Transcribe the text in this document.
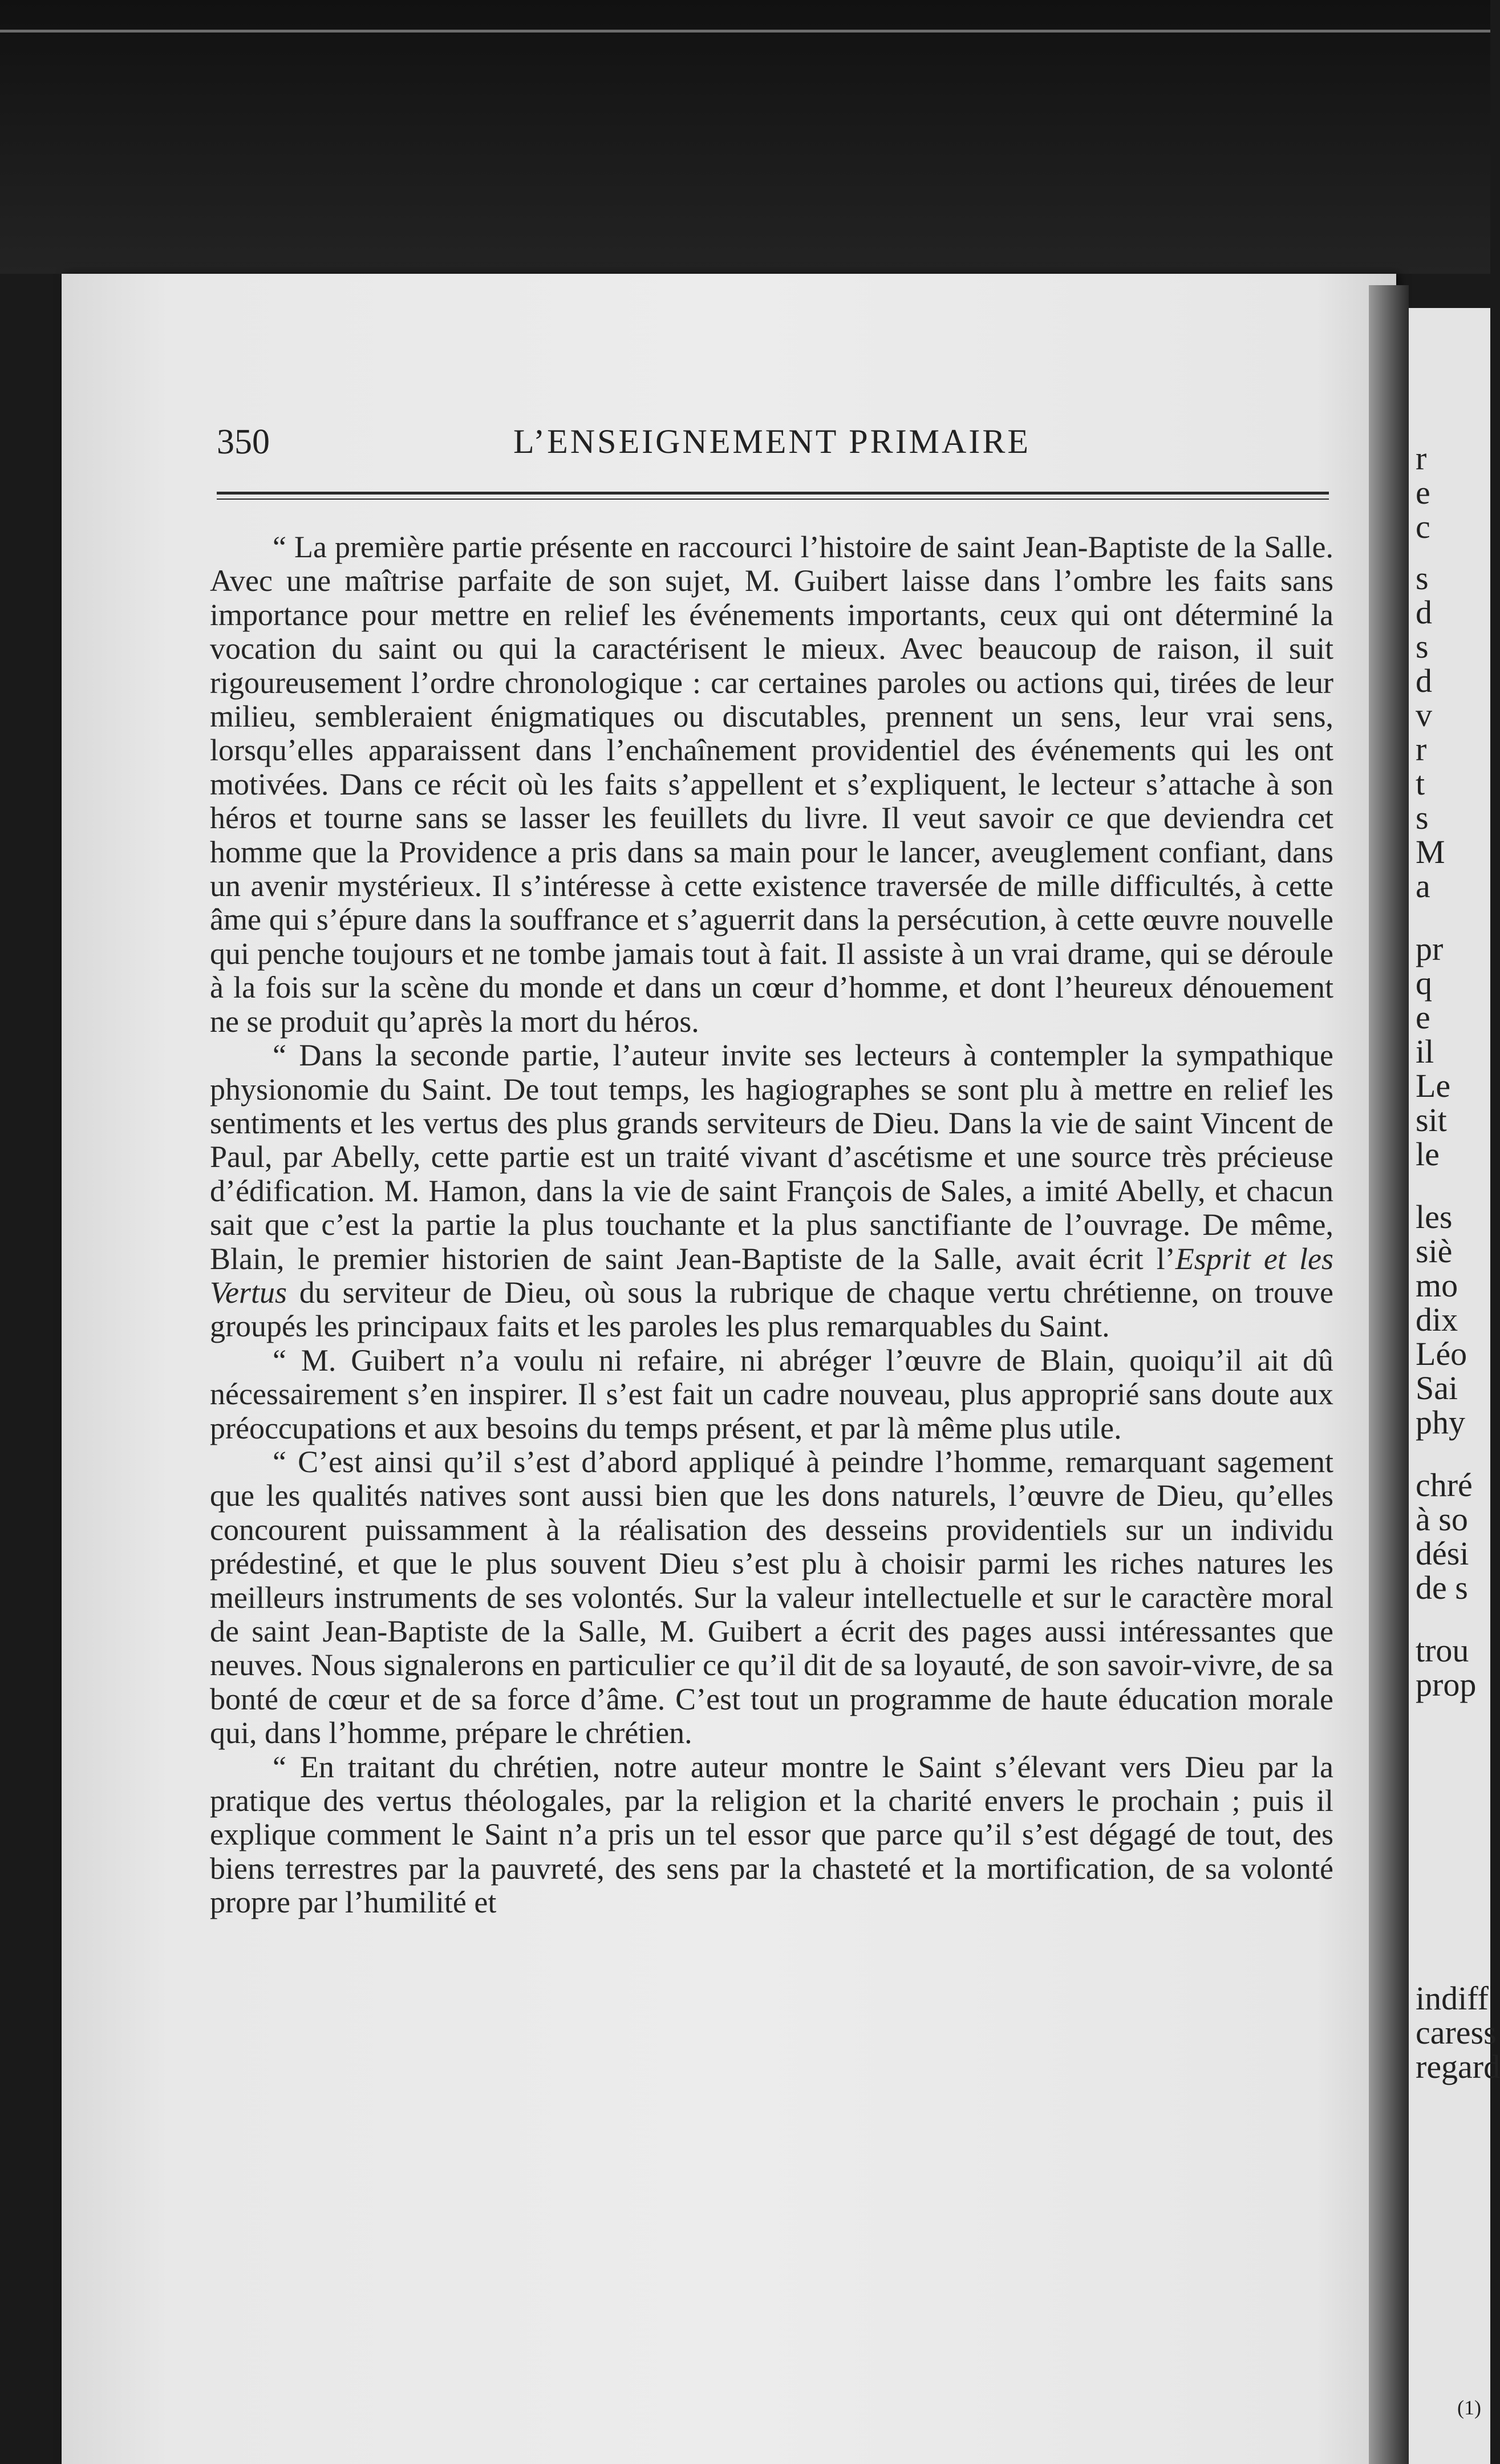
r
e
c
s
d
s
d
v
r
t
s
M
a
pr
q
e
il
Le
sit
le
les
siè
mo
dix
Léo
Sai
phy
chré
à so
dési
de s
trou
prop
indiff
caress
regard
350	L’ENSEIGNEMENT PRIMAIRE

“ La première partie présente en raccourci l’histoire de saint Jean-Baptiste de la Salle. Avec une maîtrise parfaite de son sujet, M. Guibert laisse dans l’ombre les faits sans importance pour mettre en relief les événements importants, ceux qui ont déterminé la vocation du saint ou qui la caractérisent le mieux. Avec beaucoup de raison, il suit rigoureusement l’ordre chronologique : car certaines paroles ou actions qui, tirées de leur milieu, sembleraient énigmatiques ou discutables, prennent un sens, leur vrai sens, lorsqu’elles apparaissent dans l’enchaînement providentiel des événements qui les ont motivées. Dans ce récit où les faits s’appellent et s’expliquent, le lecteur s’attache à son héros et tourne sans se lasser les feuillets du livre. Il veut savoir ce que deviendra cet homme que la Providence a pris dans sa main pour le lancer, aveuglement confiant, dans un avenir mystérieux. Il s’intéresse à cette existence traversée de mille difficultés, à cette âme qui s’épure dans la souffrance et s’aguerrit dans la persécution, à cette œuvre nouvelle qui penche toujours et ne tombe jamais tout à fait. Il assiste à un vrai drame, qui se déroule à la fois sur la scène du monde et dans un cœur d’homme, et dont l’heureux dénouement ne se produit qu’après la mort du héros.

“ Dans la seconde partie, l’auteur invite ses lecteurs à contempler la sympathique physionomie du Saint. De tout temps, les hagiographes se sont plu à mettre en relief les sentiments et les vertus des plus grands serviteurs de Dieu. Dans la vie de saint Vincent de Paul, par Abelly, cette partie est un traité vivant d’ascétisme et une source très précieuse d’édification. M. Hamon, dans la vie de saint François de Sales, a imité Abelly, et chacun sait que c’est la partie la plus touchante et la plus sanctifiante de l’ouvrage. De même, Blain, le premier historien de saint Jean-Baptiste de la Salle, avait écrit l’Esprit et les Vertus du serviteur de Dieu, où sous la rubrique de chaque vertu chrétienne, on trouve groupés les principaux faits et les paroles les plus remarquables du Saint.

“ M. Guibert n’a voulu ni refaire, ni abréger l’œuvre de Blain, quoiqu’il ait dû nécessairement s’en inspirer. Il s’est fait un cadre nouveau, plus approprié sans doute aux préoccupations et aux besoins du temps présent, et par là même plus utile.

“ C’est ainsi qu’il s’est d’abord appliqué à peindre l’homme, remarquant sagement que les qualités natives sont aussi bien que les dons naturels, l’œuvre de Dieu, qu’elles concourent puissamment à la réalisation des desseins providentiels sur un individu prédestiné, et que le plus souvent Dieu s’est plu à choisir parmi les riches natures les meilleurs instruments de ses volontés. Sur la valeur intellectuelle et sur le caractère moral de saint Jean-Baptiste de la Salle, M. Guibert a écrit des pages aussi intéressantes que neuves. Nous signalerons en particulier ce qu’il dit de sa loyauté, de son savoir-vivre, de sa bonté de cœur et de sa force d’âme. C’est tout un programme de haute éducation morale qui, dans l’homme, prépare le chrétien.

“ En traitant du chrétien, notre auteur montre le Saint s’élevant vers Dieu par la pratique des vertus théologales, par la religion et la charité envers le prochain ; puis il explique comment le Saint n’a pris un tel essor que parce qu’il s’est dégagé de tout, des biens terrestres par la pauvreté, des sens par la chasteté et la mortification, de sa volonté propre par l’humilité et

(1)
